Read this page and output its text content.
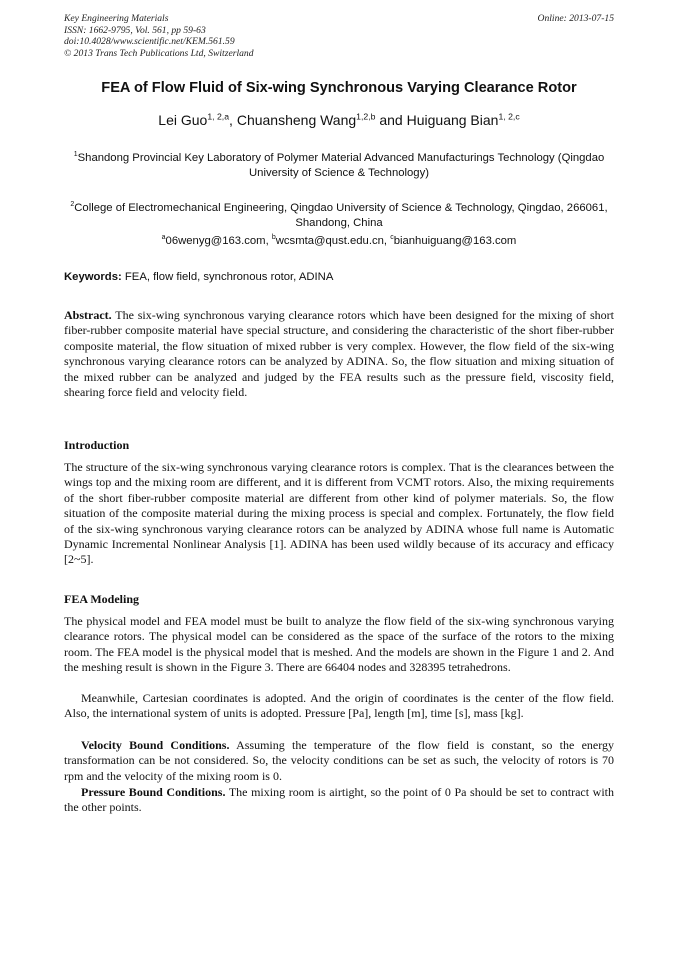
Key Engineering Materials
ISSN: 1662-9795, Vol. 561, pp 59-63
doi:10.4028/www.scientific.net/KEM.561.59
© 2013 Trans Tech Publications Ltd, Switzerland
Online: 2013-07-15
FEA of Flow Fluid of Six-wing Synchronous Varying Clearance Rotor
Lei Guo$^{1, 2,a}$, Chuansheng Wang$^{1,2,b}$ and Huiguang Bian$^{1, 2,c}$
$^1$Shandong Provincial Key Laboratory of Polymer Material Advanced Manufacturings Technology (Qingdao University of Science & Technology)
$^2$College of Electromechanical Engineering, Qingdao University of Science & Technology, Qingdao, 266061, Shandong, China
$^a$06wenyg@163.com, $^b$wcsmta@qust.edu.cn, $^c$bianhuiguang@163.com
Keywords: FEA, flow field, synchronous rotor, ADINA
Abstract. The six-wing synchronous varying clearance rotors which have been designed for the mixing of short fiber-rubber composite material have special structure, and considering the characteristic of the short fiber-rubber composite material, the flow situation of mixed rubber is very complex. However, the flow field of the six-wing synchronous varying clearance rotors can be analyzed by ADINA. So, the flow situation and mixing situation of the mixed rubber can be analyzed and judged by the FEA results such as the pressure field, viscosity field, shearing force field and velocity field.
Introduction
The structure of the six-wing synchronous varying clearance rotors is complex. That is the clearances between the wings top and the mixing room are different, and it is different from VCMT rotors. Also, the mixing requirements of the short fiber-rubber composite material are different from other kind of polymer materials. So, the flow situation of the composite material during the mixing process is special and complex. Fortunately, the flow field of the six-wing synchronous varying clearance rotors can be analyzed by ADINA whose full name is Automatic Dynamic Incremental Nonlinear Analysis [1]. ADINA has been used wildly because of its accuracy and efficacy [2~5].
FEA Modeling
The physical model and FEA model must be built to analyze the flow field of the six-wing synchronous varying clearance rotors. The physical model can be considered as the space of the surface of the rotors to the mixing room. The FEA model is the physical model that is meshed. And the models are shown in the Figure 1 and 2. And the meshing result is shown in the Figure 3. There are 66404 nodes and 328395 tetrahedrons.
Meanwhile, Cartesian coordinates is adopted. And the origin of coordinates is the center of the flow field. Also, the international system of units is adopted. Pressure [Pa], length [m], time [s], mass [kg].
Velocity Bound Conditions. Assuming the temperature of the flow field is constant, so the energy transformation can be not considered. So, the velocity conditions can be set as such, the velocity of rotors is 70 rpm and the velocity of the mixing room is 0.
Pressure Bound Conditions. The mixing room is airtight, so the point of 0 Pa should be set to contract with the other points.
